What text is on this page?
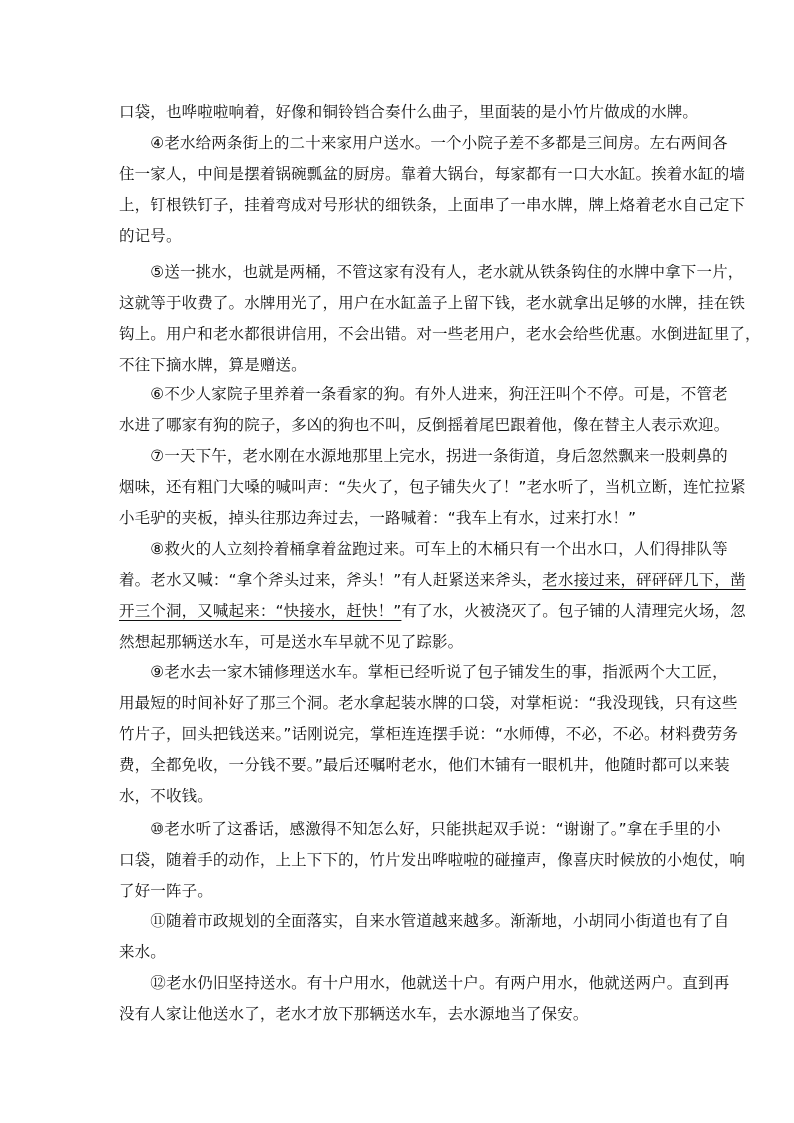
口袋，也哗啦啦响着，好像和铜铃铛合奏什么曲子，里面装的是小竹片做成的水牌。
　　④老水给两条街上的二十来家用户送水。一个小院子差不多都是三间房。左右两间各
住一家人，中间是摆着锅碗瓢盆的厨房。靠着大锅台，每家都有一口大水缸。挨着水缸的墙
上，钉根铁钉子，挂着弯成对号形状的细铁条，上面串了一串水牌，牌上烙着老水自己定下
的记号。
　　⑤送一挑水，也就是两桶，不管这家有没有人，老水就从铁条钩住的水牌中拿下一片，
这就等于收费了。水牌用光了，用户在水缸盖子上留下钱，老水就拿出足够的水牌，挂在铁
钩上。用户和老水都很讲信用，不会出错。对一些老用户，老水会给些优惠。水倒进缸里了，
不往下摘水牌，算是赠送。
　　⑥不少人家院子里养着一条看家的狗。有外人进来，狗汪汪叫个不停。可是，不管老
水进了哪家有狗的院子，多凶的狗也不叫，反倒摇着尾巴跟着他，像在替主人表示欢迎。
　　⑦一天下午，老水刚在水源地那里上完水，拐进一条街道，身后忽然飘来一股刺鼻的
烟味，还有粗门大嗓的喊叫声：“失火了，包子铺失火了！”老水听了，当机立断，连忙拉紧
小毛驴的夹板，掉头往那边奔过去，一路喊着：“我车上有水，过来打水！”
　　⑧救火的人立刻拎着桶拿着盆跑过来。可车上的木桶只有一个出水口，人们得排队等
着。老水又喊：“拿个斧头过来，斧头！”有人赶紧送来斧头，老水接过来，砰砰砰几下，凿
开三个洞，又喊起来：“快接水，赶快！”有了水，火被浇灭了。包子铺的人清理完火场，忽
然想起那辆送水车，可是送水车早就不见了踪影。
　　⑨老水去一家木铺修理送水车。掌柜已经听说了包子铺发生的事，指派两个大工匠，
用最短的时间补好了那三个洞。老水拿起装水牌的口袋，对掌柜说：“我没现钱，只有这些
竹片子，回头把钱送来。”话刚说完，掌柜连连摆手说：“水师傅，不必，不必。材料费劳务
费，全都免收，一分钱不要。”最后还嘱咐老水，他们木铺有一眼机井，他随时都可以来装
水，不收钱。
　　⑩老水听了这番话，感激得不知怎么好，只能拱起双手说：“谢谢了。”拿在手里的小
口袋，随着手的动作，上上下下的，竹片发出哗啦啦的碰撞声，像喜庆时候放的小炮仗，响
了好一阵子。
　　⑪随着市政规划的全面落实，自来水管道越来越多。渐渐地，小胡同小街道也有了自
来水。
　　⑫老水仍旧坚持送水。有十户用水，他就送十户。有两户用水，他就送两户。直到再
没有人家让他送水了，老水才放下那辆送水车，去水源地当了保安。
